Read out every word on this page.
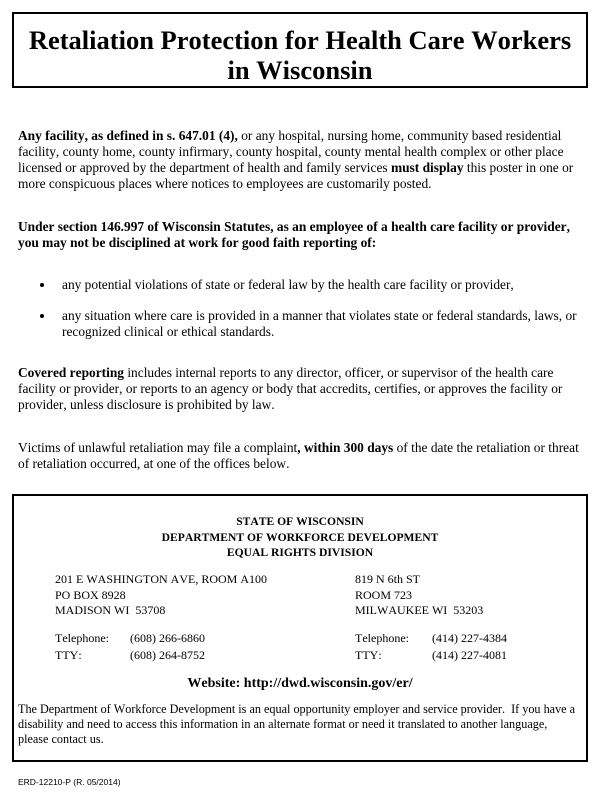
Retaliation Protection for Health Care Workers
in Wisconsin
Any facility, as defined in s. 647.01 (4), or any hospital, nursing home, community based residential facility, county home, county infirmary, county hospital, county mental health complex or other place licensed or approved by the department of health and family services must display this poster in one or more conspicuous places where notices to employees are customarily posted.
Under section 146.997 of Wisconsin Statutes, as an employee of a health care facility or provider, you may not be disciplined at work for good faith reporting of:
any potential violations of state or federal law by the health care facility or provider,
any situation where care is provided in a manner that violates state or federal standards, laws, or recognized clinical or ethical standards.
Covered reporting includes internal reports to any director, officer, or supervisor of the health care facility or provider, or reports to an agency or body that accredits, certifies, or approves the facility or provider, unless disclosure is prohibited by law.
Victims of unlawful retaliation may file a complaint, within 300 days of the date the retaliation or threat of retaliation occurred, at one of the offices below.
STATE OF WISCONSIN
DEPARTMENT OF WORKFORCE DEVELOPMENT
EQUAL RIGHTS DIVISION
201 E WASHINGTON AVE, ROOM A100
PO BOX 8928
MADISON WI  53708
Telephone: (608) 266-6860
TTY:	(608) 264-8752
819 N 6th ST
ROOM 723
MILWAUKEE WI  53203
Telephone: (414) 227-4384
TTY:	(414) 227-4081
Website: http://dwd.wisconsin.gov/er/
The Department of Workforce Development is an equal opportunity employer and service provider.  If you have a disability and need to access this information in an alternate format or need it translated to another language, please contact us.
ERD-12210-P (R. 05/2014)
